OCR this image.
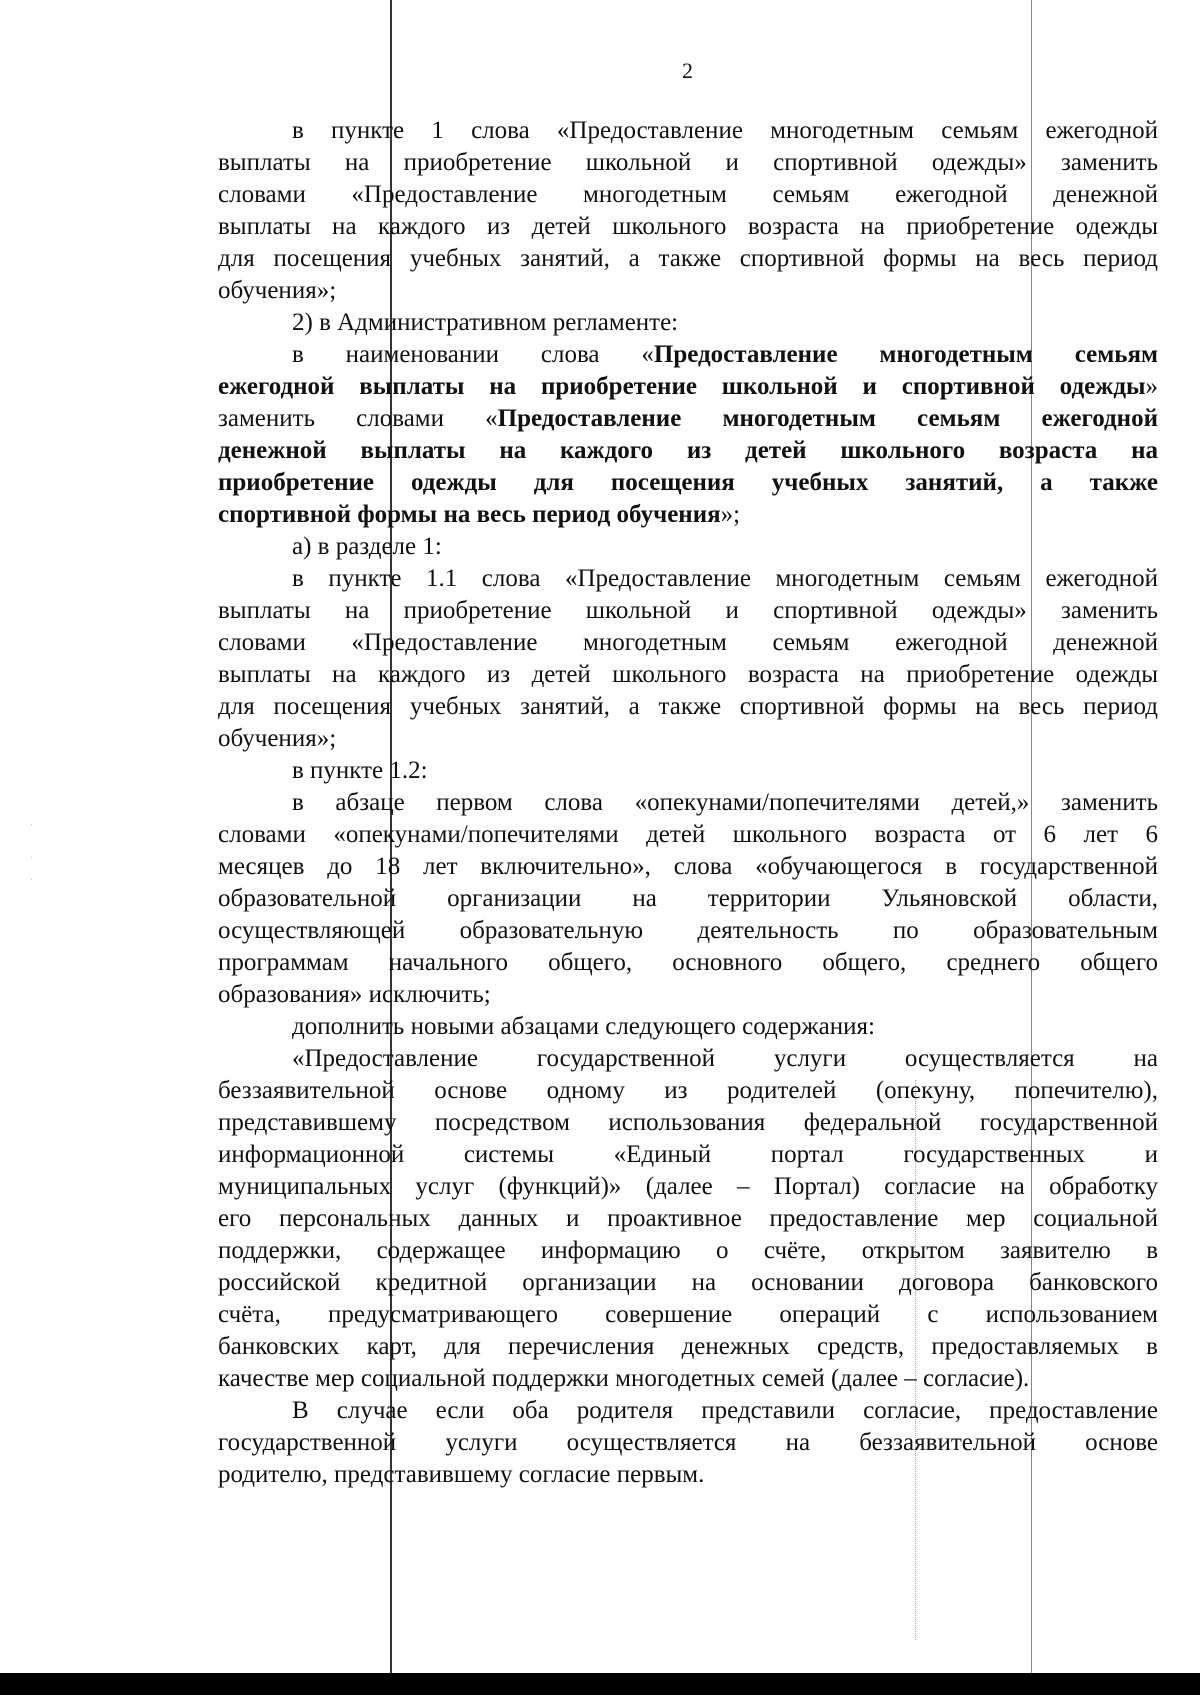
·

·

·
2

в пункте 1 слова «Предоставление многодетным семьям ежегодной

выплаты на приобретение школьной и спортивной одежды» заменить

словами «Предоставление многодетным семьям ежегодной денежной

выплаты на каждого из детей школьного возраста на приобретение одежды

для посещения учебных занятий, а также спортивной формы на весь период

обучения»;

2) в Административном регламенте:

в наименовании слова «Предоставление многодетным семьям

ежегодной выплаты на приобретение школьной и спортивной одежды»

заменить словами «Предоставление многодетным семьям ежегодной

денежной выплаты на каждого из детей школьного возраста на

приобретение одежды для посещения учебных занятий, а также

спортивной формы на весь период обучения»;

а) в разделе 1:

в пункте 1.1 слова «Предоставление многодетным семьям ежегодной

выплаты на приобретение школьной и спортивной одежды» заменить

словами «Предоставление многодетным семьям ежегодной денежной

выплаты на каждого из детей школьного возраста на приобретение одежды

для посещения учебных занятий, а также спортивной формы на весь период

обучения»;

в пункте 1.2:

в абзаце первом слова «опекунами/попечителями детей,» заменить

словами «опекунами/попечителями детей школьного возраста от 6 лет 6

месяцев до 18 лет включительно», слова «обучающегося в государственной

образовательной организации на территории Ульяновской области,

осуществляющей образовательную деятельность по образовательным

программам начального общего, основного общего, среднего общего

образования» исключить;

дополнить новыми абзацами следующего содержания:

«Предоставление государственной услуги осуществляется на

беззаявительной основе одному из родителей (опекуну, попечителю),

представившему посредством использования федеральной государственной

информационной системы «Единый портал государственных и

муниципальных услуг (функций)» (далее – Портал) согласие на обработку

его персональных данных и проактивное предоставление мер социальной

поддержки, содержащее информацию о счёте, открытом заявителю в

российской кредитной организации на основании договора банковского

счёта, предусматривающего совершение операций с использованием

банковских карт, для перечисления денежных средств, предоставляемых в

качестве мер социальной поддержки многодетных семей (далее – согласие).

В случае если оба родителя представили согласие, предоставление

государственной услуги осуществляется на беззаявительной основе

родителю, представившему согласие первым.
